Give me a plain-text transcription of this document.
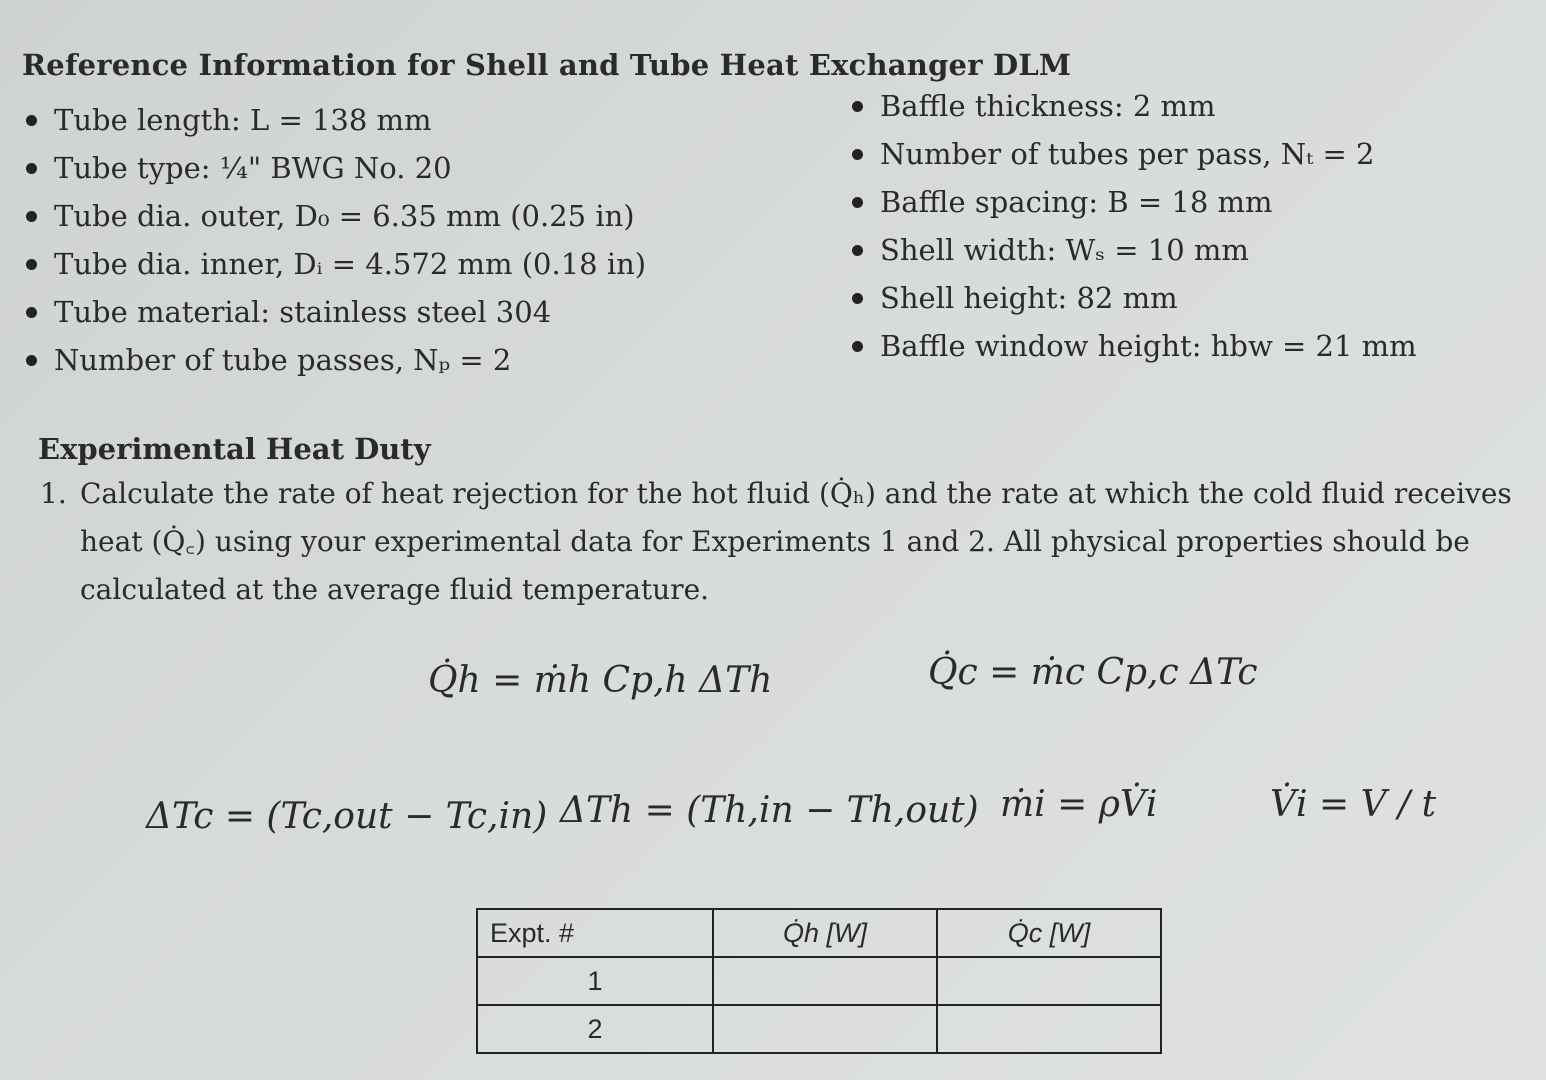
Reference Information for Shell and Tube Heat Exchanger DLM
Tube length: L = 138 mm
Tube type: ¼" BWG No. 20
Tube dia. outer, D₀ = 6.35 mm (0.25 in)
Tube dia. inner, Dᵢ = 4.572 mm (0.18 in)
Tube material: stainless steel 304
Number of tube passes, Nₚ = 2
Baffle thickness: 2 mm
Number of tubes per pass, Nₜ = 2
Baffle spacing: B = 18 mm
Shell width: Wₛ = 10 mm
Shell height: 82 mm
Baffle window height: hbw = 21 mm
Experimental Heat Duty
1. Calculate the rate of heat rejection for the hot fluid (Q̇ₕ) and the rate at which the cold fluid receives heat (Q̇꜀) using your experimental data for Experiments 1 and 2. All physical properties should be calculated at the average fluid temperature.
Q̇h = ṁh Cp,h ΔTh	Q̇c = ṁc Cp,c ΔTc
ΔTc = (Tc,out − Tc,in) ΔTh = (Th,in − Th,out) ṁi = ρV̇i	V̇i = V / t
Expt. #	Q̇h [W]	Q̇c [W]
1		
2		
